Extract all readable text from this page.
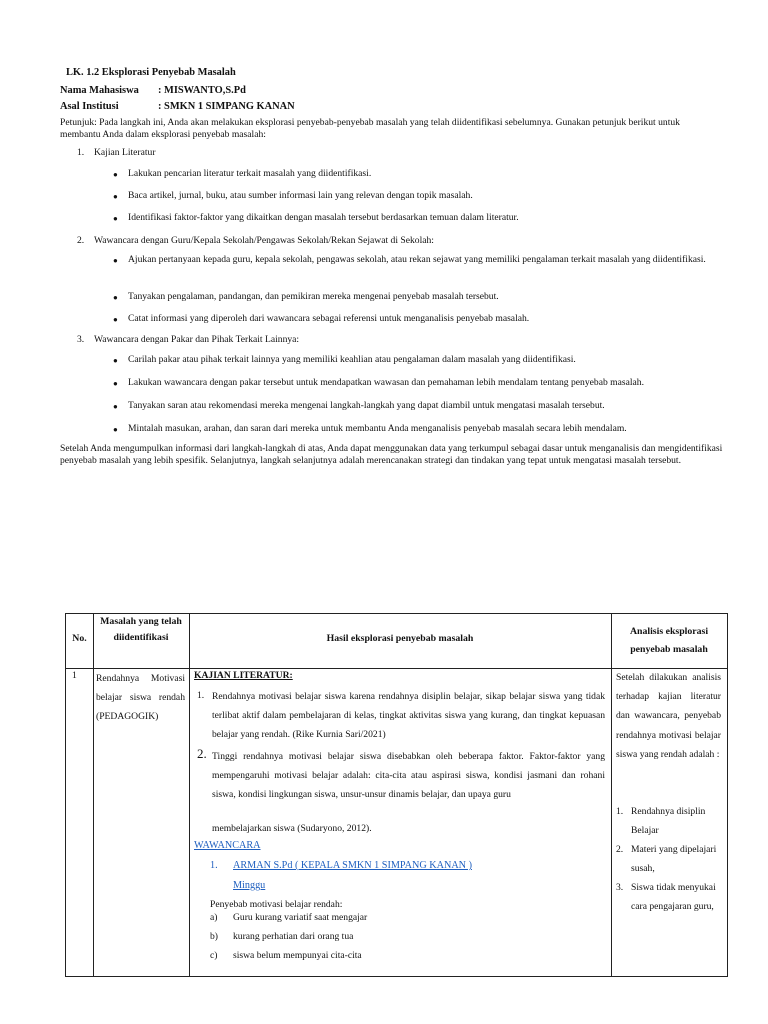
LK. 1.2 Eksplorasi Penyebab Masalah
Nama Mahasiswa : MISWANTO,S.Pd
Asal Institusi	: SMKN 1 SIMPANG KANAN
Petunjuk: Pada langkah ini, Anda akan melakukan eksplorasi penyebab-penyebab masalah yang telah diidentifikasi sebelumnya. Gunakan petunjuk berikut untuk membantu Anda dalam eksplorasi penyebab masalah:
1. Kajian Literatur
● Lakukan pencarian literatur terkait masalah yang diidentifikasi.
● Baca artikel, jurnal, buku, atau sumber informasi lain yang relevan dengan topik masalah.
● Identifikasi faktor-faktor yang dikaitkan dengan masalah tersebut berdasarkan temuan dalam literatur.
2. Wawancara dengan Guru/Kepala Sekolah/Pengawas Sekolah/Rekan Sejawat di Sekolah:
● Ajukan pertanyaan kepada guru, kepala sekolah, pengawas sekolah, atau rekan sejawat yang memiliki pengalaman terkait masalah yang diidentifikasi.
● Tanyakan pengalaman, pandangan, dan pemikiran mereka mengenai penyebab masalah tersebut.
● Catat informasi yang diperoleh dari wawancara sebagai referensi untuk menganalisis penyebab masalah.
3. Wawancara dengan Pakar dan Pihak Terkait Lainnya:
● Carilah pakar atau pihak terkait lainnya yang memiliki keahlian atau pengalaman dalam masalah yang diidentifikasi.
● Lakukan wawancara dengan pakar tersebut untuk mendapatkan wawasan dan pemahaman lebih mendalam tentang penyebab masalah.
● Tanyakan saran atau rekomendasi mereka mengenai langkah-langkah yang dapat diambil untuk mengatasi masalah tersebut.
● Mintalah masukan, arahan, dan saran dari mereka untuk membantu Anda menganalisis penyebab masalah secara lebih mendalam.
Setelah Anda mengumpulkan informasi dari langkah-langkah di atas, Anda dapat menggunakan data yang terkumpul sebagai dasar untuk menganalisis dan mengidentifikasi penyebab masalah yang lebih spesifik. Selanjutnya, langkah selanjutnya adalah merencanakan strategi dan tindakan yang tepat untuk mengatasi masalah tersebut.
No.
Masalah yang telah diidentifikasi	Hasil eksplorasi penyebab masalah
Analisis eksplorasi penyebab masalah
1 Rendahnya Motivasi belajar siswa rendah (PEDAGOGIK)
KAJIAN LITERATUR:
1. Rendahnya motivasi belajar siswa karena rendahnya disiplin belajar, sikap belajar siswa yang tidak terlibat aktif dalam pembelajaran di kelas, tingkat aktivitas siswa yang kurang, dan tingkat kepuasan belajar yang rendah. (Rike Kurnia Sari/2021)
2. Tinggi rendahnya motivasi belajar siswa disebabkan oleh beberapa faktor. Faktor-faktor yang mempengaruhi motivasi belajar adalah: cita-cita atau aspirasi siswa, kondisi jasmani dan rohani siswa, kondisi lingkungan siswa, unsur-unsur dinamis belajar, dan upaya guru
membelajarkan siswa (Sudaryono, 2012).
WAWANCARA
1. ARMAN S.Pd ( KEPALA SMKN 1 SIMPANG KANAN )
Minggu
Penyebab motivasi belajar rendah:
a) Guru kurang variatif saat mengajar
b) kurang perhatian dari orang tua
c) siswa belum mempunyai cita-cita
Setelah dilakukan analisis terhadap kajian literatur dan wawancara, penyebab rendahnya motivasi belajar siswa yang rendah adalah :
1. Rendahnya disiplin Belajar
2. Materi yang dipelajari susah,
3. Siswa tidak menyukai cara pengajaran guru,
